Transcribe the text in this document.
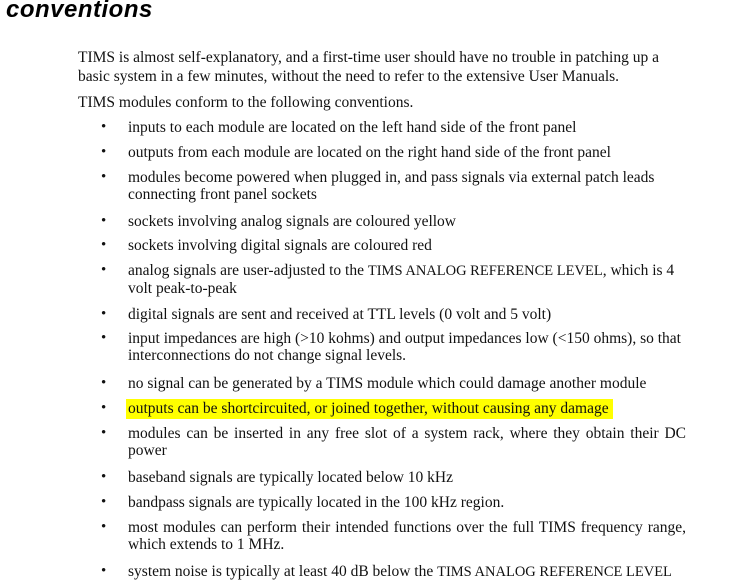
conventions

TIMS is almost self-explanatory, and a first-time user should have no trouble in patching up a basic system in a few minutes, without the need to refer to the extensive User Manuals.

TIMS modules conform to the following conventions.

• inputs to each module are located on the left hand side of the front panel

• outputs from each module are located on the right hand side of the front panel

• modules become powered when plugged in, and pass signals via external patch leads connecting front panel sockets

• sockets involving analog signals are coloured yellow

• sockets involving digital signals are coloured red

• analog signals are user-adjusted to the TIMS ANALOG REFERENCE LEVEL, which is 4 volt peak-to-peak

• digital signals are sent and received at TTL levels (0 volt and 5 volt)

• input impedances are high (>10 kohms) and output impedances low (<150 ohms), so that interconnections do not change signal levels.

• no signal can be generated by a TIMS module which could damage another module

• outputs can be shortcircuited, or joined together, without causing any damage

• modules can be inserted in any free slot of a system rack, where they obtain their DC power

• baseband signals are typically located below 10 kHz

• bandpass signals are typically located in the 100 kHz region.

• most modules can perform their intended functions over the full TIMS frequency range, which extends to 1 MHz.

• system noise is typically at least 40 dB below the TIMS ANALOG REFERENCE LEVEL
